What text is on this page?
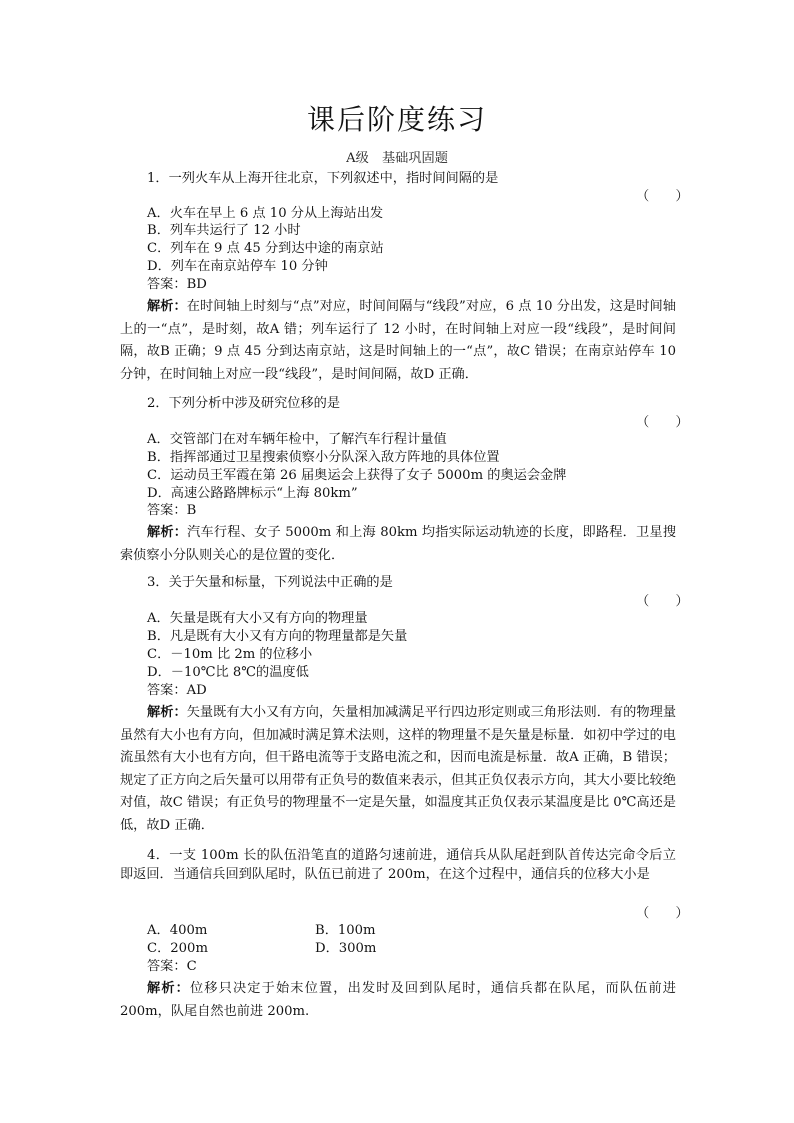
课后阶度练习
A级　基础巩固题
1．一列火车从上海开往北京，下列叙述中，指时间间隔的是
（　　）
A．火车在早上 6 点 10 分从上海站出发
B．列车共运行了 12 小时
C．列车在 9 点 45 分到达中途的南京站
D．列车在南京站停车 10 分钟
答案：BD
解析：在时间轴上时刻与“点”对应，时间间隔与“线段”对应，6 点 10 分出发，这是时间轴上的一“点”，是时刻，故A 错；列车运行了 12 小时，在时间轴上对应一段“线段”，是时间间隔，故B 正确；9 点 45 分到达南京站，这是时间轴上的一“点”，故C 错误；在南京站停车 10 分钟，在时间轴上对应一段“线段”，是时间间隔，故D 正确．
2．下列分析中涉及研究位移的是
（　　）
A．交管部门在对车辆年检中，了解汽车行程计量值
B．指挥部通过卫星搜索侦察小分队深入敌方阵地的具体位置
C．运动员王军霞在第 26 届奥运会上获得了女子 5000m 的奥运会金牌
D．高速公路路牌标示“上海 80km”
答案：B
解析：汽车行程、女子 5000m 和上海 80km 均指实际运动轨迹的长度，即路程．卫星搜索侦察小分队则关心的是位置的变化．
3．关于矢量和标量，下列说法中正确的是
（　　）
A．矢量是既有大小又有方向的物理量
B．凡是既有大小又有方向的物理量都是矢量
C．－10m 比 2m 的位移小
D．－10℃比 8℃的温度低
答案：AD
解析：矢量既有大小又有方向，矢量相加减满足平行四边形定则或三角形法则．有的物理量虽然有大小也有方向，但加减时满足算术法则，这样的物理量不是矢量是标量．如初中学过的电流虽然有大小也有方向，但干路电流等于支路电流之和，因而电流是标量．故A 正确，B 错误；规定了正方向之后矢量可以用带有正负号的数值来表示，但其正负仅表示方向，其大小要比较绝对值，故C 错误；有正负号的物理量不一定是矢量，如温度其正负仅表示某温度是比 0℃高还是低，故D 正确．
4．一支 100m 长的队伍沿笔直的道路匀速前进，通信兵从队尾赶到队首传达完命令后立即返回．当通信兵回到队尾时，队伍已前进了 200m，在这个过程中，通信兵的位移大小是
（　　）
A．400m	B．100m
C．200m	D．300m
答案：C
解析：位移只决定于始末位置，出发时及回到队尾时，通信兵都在队尾，而队伍前进 200m，队尾自然也前进 200m.
